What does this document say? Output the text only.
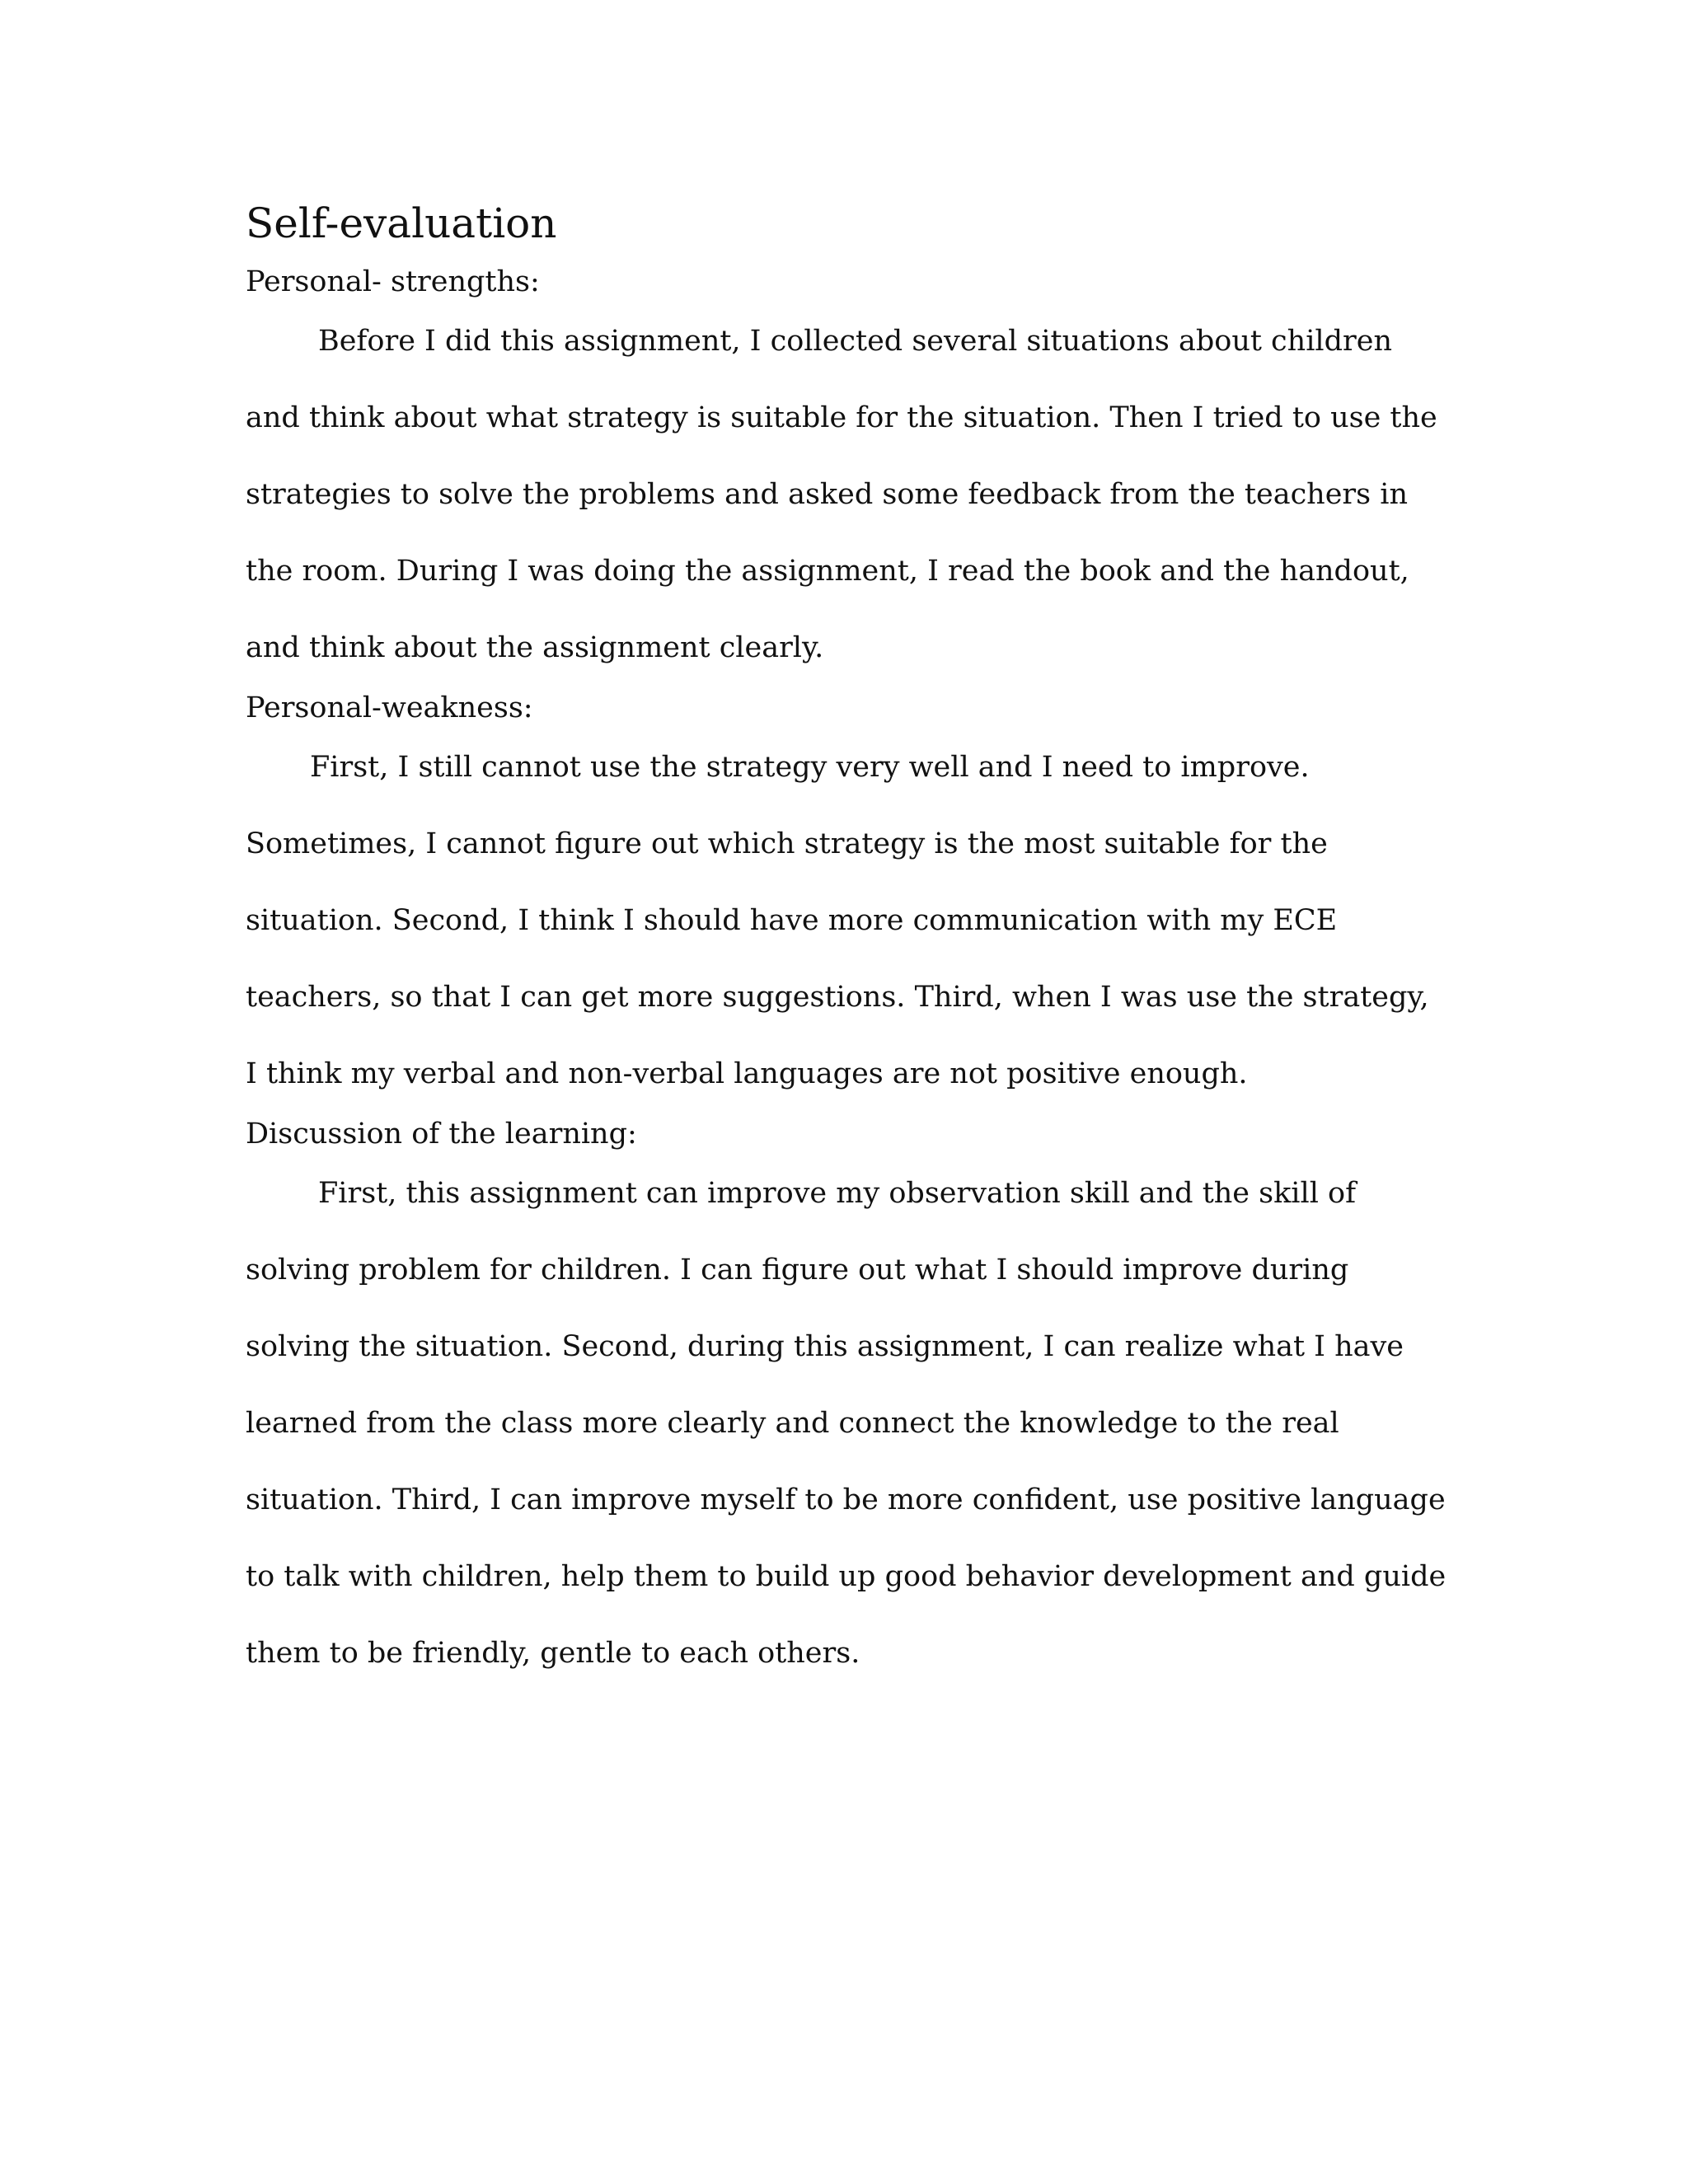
Self-evaluation

Personal- strengths:

Before I did this assignment, I collected several situations about children and think about what strategy is suitable for the situation. Then I tried to use the strategies to solve the problems and asked some feedback from the teachers in the room. During I was doing the assignment, I read the book and the handout, and think about the assignment clearly.

Personal-weakness:

First, I still cannot use the strategy very well and I need to improve. Sometimes, I cannot figure out which strategy is the most suitable for the situation. Second, I think I should have more communication with my ECE teachers, so that I can get more suggestions. Third, when I was use the strategy, I think my verbal and non-verbal languages are not positive enough.

Discussion of the learning:

First, this assignment can improve my observation skill and the skill of solving problem for children. I can figure out what I should improve during solving the situation. Second, during this assignment, I can realize what I have learned from the class more clearly and connect the knowledge to the real situation. Third, I can improve myself to be more confident, use positive language to talk with children, help them to build up good behavior development and guide them to be friendly, gentle to each others.
